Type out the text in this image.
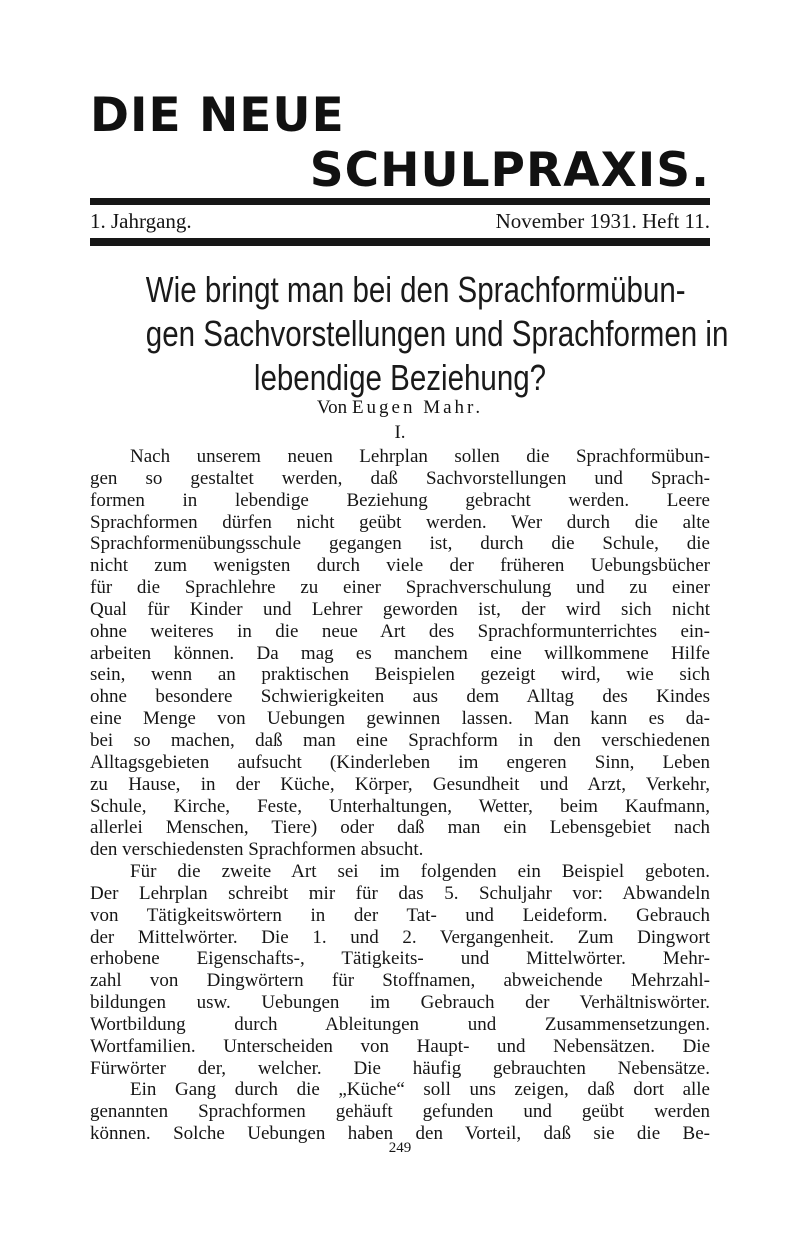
DIE NEUE
SCHULPRAXIS.
1. Jahrgang.	November 1931. Heft 11.
Wie bringt man bei den Sprachformübun-
gen Sachvorstellungen und Sprachformen in
lebendige Beziehung?
Von Eugen Mahr.
I.
Nach unserem neuen Lehrplan sollen die Sprachformübun-
gen so gestaltet werden, daß Sachvorstellungen und Sprach-
formen in lebendige Beziehung gebracht werden. Leere
Sprachformen dürfen nicht geübt werden. Wer durch die alte
Sprachformenübungsschule gegangen ist, durch die Schule, die
nicht zum wenigsten durch viele der früheren Uebungsbücher
für die Sprachlehre zu einer Sprachverschulung und zu einer
Qual für Kinder und Lehrer geworden ist, der wird sich nicht
ohne weiteres in die neue Art des Sprachformunterrichtes ein-
arbeiten können. Da mag es manchem eine willkommene Hilfe
sein, wenn an praktischen Beispielen gezeigt wird, wie sich
ohne besondere Schwierigkeiten aus dem Alltag des Kindes
eine Menge von Uebungen gewinnen lassen. Man kann es da-
bei so machen, daß man eine Sprachform in den verschiedenen
Alltagsgebieten aufsucht (Kinderleben im engeren Sinn, Leben
zu Hause, in der Küche, Körper, Gesundheit und Arzt, Verkehr,
Schule, Kirche, Feste, Unterhaltungen, Wetter, beim Kaufmann,
allerlei Menschen, Tiere) oder daß man ein Lebensgebiet nach
den verschiedensten Sprachformen absucht.
Für die zweite Art sei im folgenden ein Beispiel geboten.
Der Lehrplan schreibt mir für das 5. Schuljahr vor: Abwandeln
von Tätigkeitswörtern in der Tat- und Leideform. Gebrauch
der Mittelwörter. Die 1. und 2. Vergangenheit. Zum Dingwort
erhobene Eigenschafts-, Tätigkeits- und Mittelwörter. Mehr-
zahl von Dingwörtern für Stoffnamen, abweichende Mehrzahl-
bildungen usw. Uebungen im Gebrauch der Verhältniswörter.
Wortbildung durch Ableitungen und Zusammensetzungen.
Wortfamilien. Unterscheiden von Haupt- und Nebensätzen. Die
Fürwörter der, welcher. Die häufig gebrauchten Nebensätze.
Ein Gang durch die „Küche“ soll uns zeigen, daß dort alle
genannten Sprachformen gehäuft gefunden und geübt werden
können. Solche Uebungen haben den Vorteil, daß sie die Be-
249
